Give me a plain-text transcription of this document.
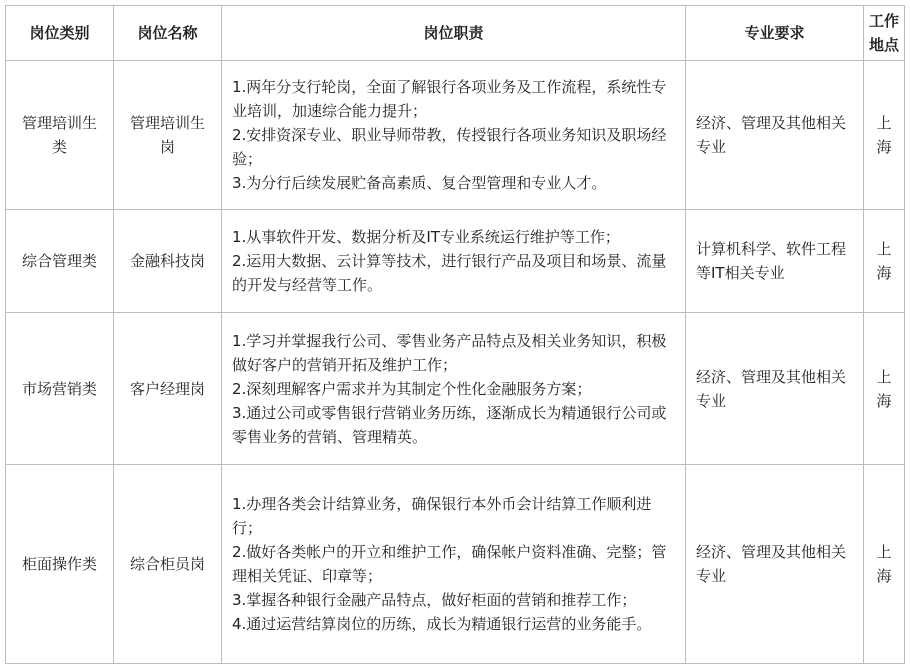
岗位类别	岗位名称	岗位职责	专业要求	工作
地点

管理培训生类	管理培训生岗	1.两年分支行轮岗，全面了解银行各项业务及工作流程，系统性专业培训，加速综合能力提升；
2.安排资深专业、职业导师带教，传授银行各项业务知识及职场经验；
3.为分行后续发展贮备高素质、复合型管理和专业人才。	经济、管理及其他相关专业	上海
综合管理类	金融科技岗	1.从事软件开发、数据分析及IT专业系统运行维护等工作；
2.运用大数据、云计算等技术，进行银行产品及项目和场景、流量的开发与经营等工作。	计算机科学、软件工程等IT相关专业	上海
市场营销类	客户经理岗	1.学习并掌握我行公司、零售业务产品特点及相关业务知识，积极做好客户的营销开拓及维护工作；
2.深刻理解客户需求并为其制定个性化金融服务方案；
3.通过公司或零售银行营销业务历练，逐渐成长为精通银行公司或零售业务的营销、管理精英。	经济、管理及其他相关专业	上海
柜面操作类	综合柜员岗	1.办理各类会计结算业务，确保银行本外币会计结算工作顺利进行；
2.做好各类帐户的开立和维护工作，确保帐户资料准确、完整；管理相关凭证、印章等；
3.掌握各种银行金融产品特点，做好柜面的营销和推荐工作；
4.通过运营结算岗位的历练，成长为精通银行运营的业务能手。	经济、管理及其他相关专业	上海
